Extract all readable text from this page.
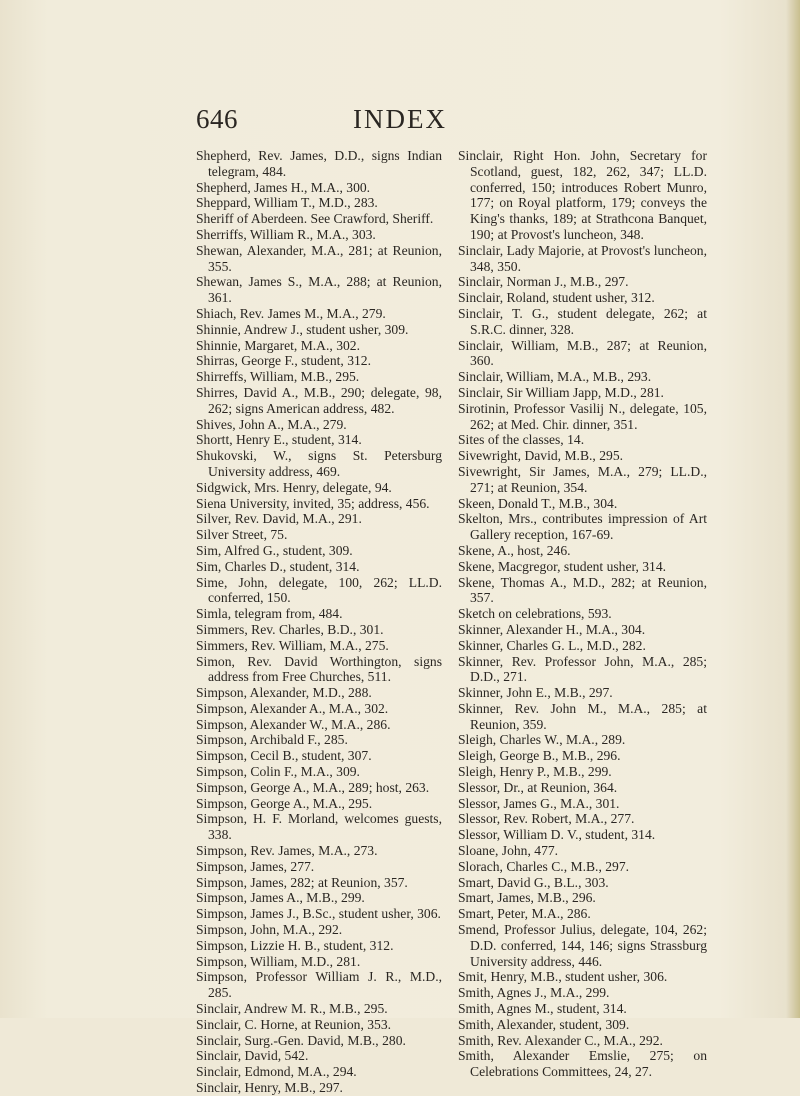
646	INDEX

Shepherd, Rev. James, D.D., signs Indian telegram, 484.

Shepherd, James H., M.A., 300.

Sheppard, William T., M.D., 283.

Sheriff of Aberdeen. See Crawford, Sheriff.

Sherriffs, William R., M.A., 303.

Shewan, Alexander, M.A., 281; at Reunion, 355.

Shewan, James S., M.A., 288; at Reunion, 361.

Shiach, Rev. James M., M.A., 279.

Shinnie, Andrew J., student usher, 309.

Shinnie, Margaret, M.A., 302.

Shirras, George F., student, 312.

Shirreffs, William, M.B., 295.

Shirres, David A., M.B., 290; delegate, 98, 262; signs American address, 482.

Shives, John A., M.A., 279.

Shortt, Henry E., student, 314.

Shukovski, W., signs St. Petersburg University address, 469.

Sidgwick, Mrs. Henry, delegate, 94.

Siena University, invited, 35; address, 456.

Silver, Rev. David, M.A., 291.

Silver Street, 75.

Sim, Alfred G., student, 309.

Sim, Charles D., student, 314.

Sime, John, delegate, 100, 262; LL.D. conferred, 150.

Simla, telegram from, 484.

Simmers, Rev. Charles, B.D., 301.

Simmers, Rev. William, M.A., 275.

Simon, Rev. David Worthington, signs address from Free Churches, 511.

Simpson, Alexander, M.D., 288.

Simpson, Alexander A., M.A., 302.

Simpson, Alexander W., M.A., 286.

Simpson, Archibald F., 285.

Simpson, Cecil B., student, 307.

Simpson, Colin F., M.A., 309.

Simpson, George A., M.A., 289; host, 263.

Simpson, George A., M.A., 295.

Simpson, H. F. Morland, welcomes guests, 338.

Simpson, Rev. James, M.A., 273.

Simpson, James, 277.

Simpson, James, 282; at Reunion, 357.

Simpson, James A., M.B., 299.

Simpson, James J., B.Sc., student usher, 306.

Simpson, John, M.A., 292.

Simpson, Lizzie H. B., student, 312.

Simpson, William, M.D., 281.

Simpson, Professor William J. R., M.D., 285.

Sinclair, Andrew M. R., M.B., 295.

Sinclair, C. Horne, at Reunion, 353.

Sinclair, Surg.-Gen. David, M.B., 280.

Sinclair, David, 542.

Sinclair, Edmond, M.A., 294.

Sinclair, Henry, M.B., 297.

Sinclair, Right Hon. John, Secretary for Scotland, guest, 182, 262, 347; LL.D. conferred, 150; introduces Robert Munro, 177; on Royal platform, 179; conveys the King's thanks, 189; at Strathcona Banquet, 190; at Provost's luncheon, 348.

Sinclair, Lady Majorie, at Provost's luncheon, 348, 350.

Sinclair, Norman J., M.B., 297.

Sinclair, Roland, student usher, 312.

Sinclair, T. G., student delegate, 262; at S.R.C. dinner, 328.

Sinclair, William, M.B., 287; at Reunion, 360.

Sinclair, William, M.A., M.B., 293.

Sinclair, Sir William Japp, M.D., 281.

Sirotinin, Professor Vasilij N., delegate, 105, 262; at Med. Chir. dinner, 351.

Sites of the classes, 14.

Sivewright, David, M.B., 295.

Sivewright, Sir James, M.A., 279; LL.D., 271; at Reunion, 354.

Skeen, Donald T., M.B., 304.

Skelton, Mrs., contributes impression of Art Gallery reception, 167-69.

Skene, A., host, 246.

Skene, Macgregor, student usher, 314.

Skene, Thomas A., M.D., 282; at Reunion, 357.

Sketch on celebrations, 593.

Skinner, Alexander H., M.A., 304.

Skinner, Charles G. L., M.D., 282.

Skinner, Rev. Professor John, M.A., 285; D.D., 271.

Skinner, John E., M.B., 297.

Skinner, Rev. John M., M.A., 285; at Reunion, 359.

Sleigh, Charles W., M.A., 289.

Sleigh, George B., M.B., 296.

Sleigh, Henry P., M.B., 299.

Slessor, Dr., at Reunion, 364.

Slessor, James G., M.A., 301.

Slessor, Rev. Robert, M.A., 277.

Slessor, William D. V., student, 314.

Sloane, John, 477.

Slorach, Charles C., M.B., 297.

Smart, David G., B.L., 303.

Smart, James, M.B., 296.

Smart, Peter, M.A., 286.

Smend, Professor Julius, delegate, 104, 262; D.D. conferred, 144, 146; signs Strassburg University address, 446.

Smit, Henry, M.B., student usher, 306.

Smith, Agnes J., M.A., 299.

Smith, Agnes M., student, 314.

Smith, Alexander, student, 309.

Smith, Rev. Alexander C., M.A., 292.

Smith, Alexander Emslie, 275; on Celebrations Committees, 24, 27.
